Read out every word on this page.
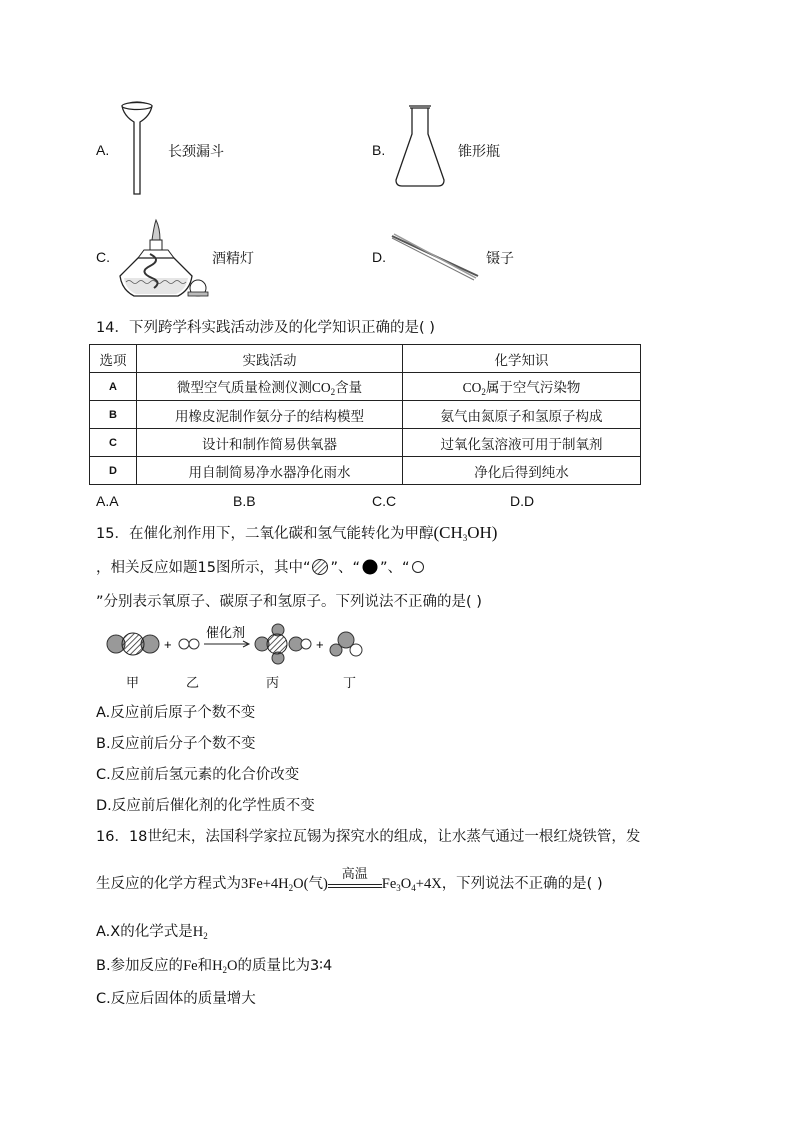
A.	长颈漏斗	B.	锥形瓶
C.	酒精灯	D.	镊子
14．下列跨学科实践活动涉及的化学知识正确的是( )
选项	实践活动	化学知识
A	微型空气质量检测仪测$CO_2$含量	$CO_2$属于空气污染物
B	用橡皮泥制作氨分子的结构模型	氨气由氮原子和氢原子构成
C	设计和制作简易供氧器	过氧化氢溶液可用于制氧剂
D	用自制简易净水器净化雨水	净化后得到纯水
A.A	B.B	C.C	D.D
15．在催化剂作用下，二氧化碳和氢气能转化为甲醇$(CH_3OH)$
，相关反应如题15图所示，其中“ ”、“ ”、“
”分别表示氧原子、碳原子和氢原子。下列说法不正确的是( )
+
催化剂
+
甲	乙	丙	丁
A.反应前后原子个数不变
B.反应前后分子个数不变
C.反应前后氢元素的化合价改变
D.反应前后催化剂的化学性质不变
16．18世纪末，法国科学家拉瓦锡为探究水的组成，让水蒸气通过一根红烧铁管，发
生反应的化学方程式为$3Fe+4H_2O$(气)
高温
$Fe_3O_4+4X$，下列说法不正确的是( )
A.X的化学式是$H_2$
B.参加反应的Fe和$H_2O$的质量比为3∶4
C.反应后固体的质量增大
